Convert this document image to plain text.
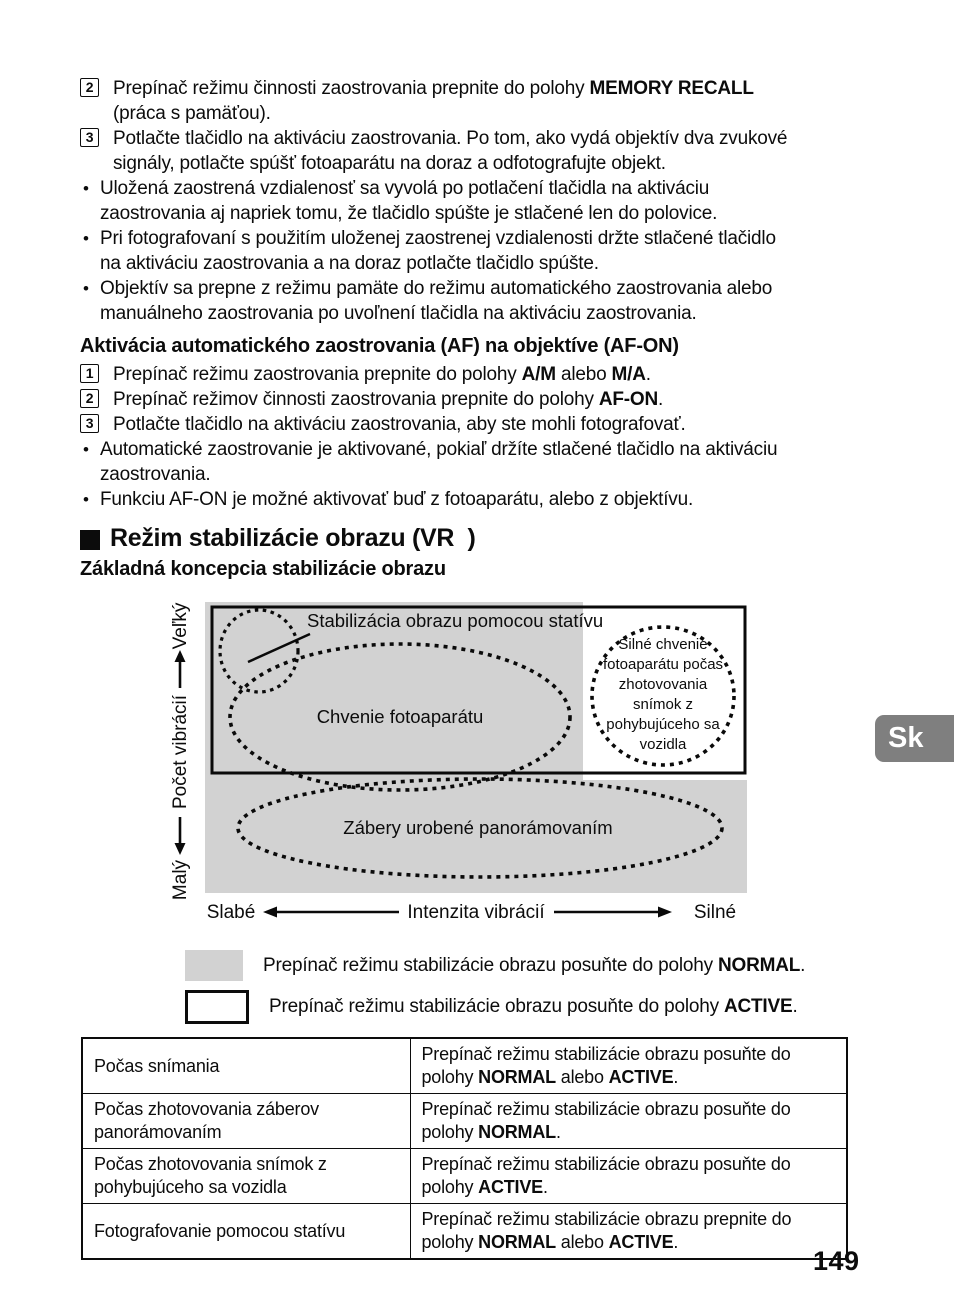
2	Prepínač režimu činnosti zaostrovania prepnite do polohy MEMORY RECALL
(práca s pamäťou).
3	Potlačte tlačidlo na aktiváciu zaostrovania. Po tom, ako vydá objektív dva zvukové
signály, potlačte spúšť fotoaparátu na doraz a odfotografujte objekt.
• Uložená zaostrená vzdialenosť sa vyvolá po potlačení tlačidla na aktiváciu
zaostrovania aj napriek tomu, že tlačidlo spúšte je stlačené len do polovice.
• Pri fotografovaní s použitím uloženej zaostrenej vzdialenosti držte stlačené tlačidlo
na aktiváciu zaostrovania a na doraz potlačte tlačidlo spúšte.
• Objektív sa prepne z režimu pamäte do režimu automatického zaostrovania alebo
manuálneho zaostrovania po uvoľnení tlačidla na aktiváciu zaostrovania.
Aktivácia automatického zaostrovania (AF) na objektíve (AF-ON)
1	Prepínač režimu zaostrovania prepnite do polohy A/M alebo M/A.
2	Prepínač režimov činnosti zaostrovania prepnite do polohy AF-ON.
3	Potlačte tlačidlo na aktiváciu zaostrovania, aby ste mohli fotografovať.
• Automatické zaostrovanie je aktivované, pokiaľ držíte stlačené tlačidlo na aktiváciu
zaostrovania.
• Funkciu AF-ON je možné aktivovať buď z fotoaparátu, alebo z objektívu.
Režim stabilizácie obrazu (VR  )
Základná koncepcia stabilizácie obrazu
Stabilizácia obrazu pomocou statívu
Chvenie fotoaparátu
Silné chvenie
fotoaparátu počas
zhotovovania
snímok z
pohybujúceho sa
vozidla
Zábery urobené panorámovaním
Veľký
Počet vibrácií
Malý
Slabé	Intenzita vibrácií	Silné
Prepínač režimu stabilizácie obrazu posuňte do polohy NORMAL.
Prepínač režimu stabilizácie obrazu posuňte do polohy ACTIVE.
Počas snímania	Prepínač režimu stabilizácie obrazu posuňte do
polohy NORMAL alebo ACTIVE.
Počas zhotovovania záberov
panorámovaním	Prepínač režimu stabilizácie obrazu posuňte do
polohy NORMAL.
Počas zhotovovania snímok z
pohybujúceho sa vozidla	Prepínač režimu stabilizácie obrazu posuňte do
polohy ACTIVE.
Fotografovanie pomocou statívu	Prepínač režimu stabilizácie obrazu prepnite do
polohy NORMAL alebo ACTIVE.
Sk
149
